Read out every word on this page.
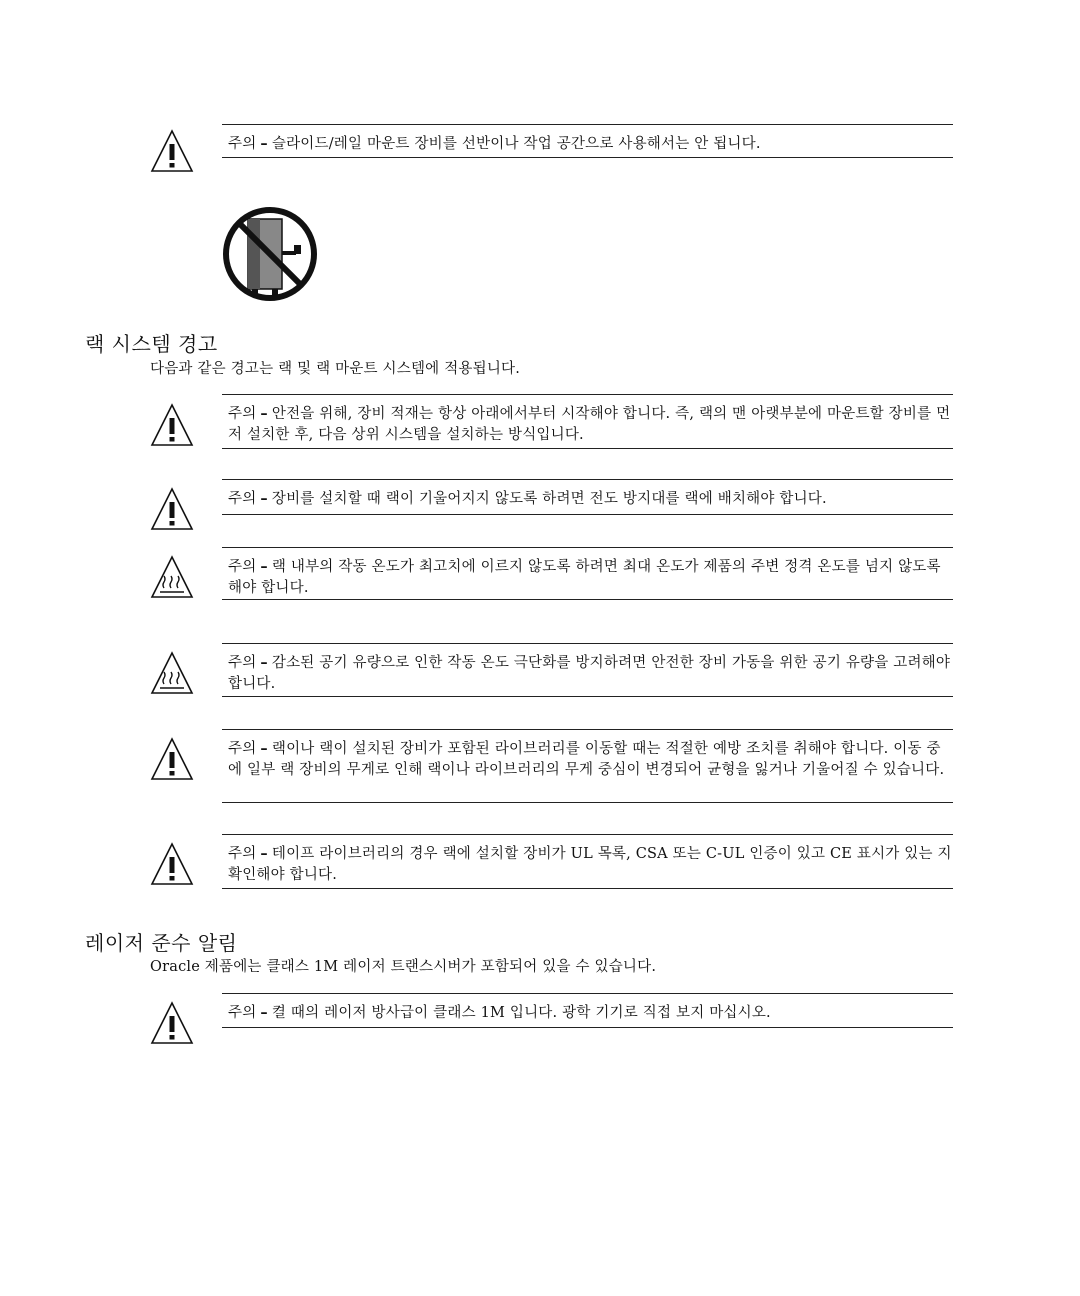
주의 – 슬라이드/레일 마운트 장비를 선반이나 작업 공간으로 사용해서는 안 됩니다.

랙 시스템 경고

다음과 같은 경고는 랙 및 랙 마운트 시스템에 적용됩니다.

주의 – 안전을 위해, 장비 적재는 항상 아래에서부터 시작해야 합니다. 즉, 랙의 맨 아랫부분에 마운트할 장비를 먼저 설치한 후, 다음 상위 시스템을 설치하는 방식입니다.

주의 – 장비를 설치할 때 랙이 기울어지지 않도록 하려면 전도 방지대를 랙에 배치해야 합니다.

주의 – 랙 내부의 작동 온도가 최고치에 이르지 않도록 하려면 최대 온도가 제품의 주변 정격 온도를 넘지 않도록 해야 합니다.

주의 – 감소된 공기 유량으로 인한 작동 온도 극단화를 방지하려면 안전한 장비 가동을 위한 공기 유량을 고려해야 합니다.

주의 – 랙이나 랙이 설치된 장비가 포함된 라이브러리를 이동할 때는 적절한 예방 조치를 취해야 합니다. 이동 중에 일부 랙 장비의 무게로 인해 랙이나 라이브러리의 무게 중심이 변경되어 균형을 잃거나 기울어질 수 있습니다.

주의 – 테이프 라이브러리의 경우 랙에 설치할 장비가 UL 목록, CSA 또는 C-UL 인증이 있고 CE 표시가 있는 지 확인해야 합니다.

레이저 준수 알림

Oracle 제품에는 클래스 1M 레이저 트랜스시버가 포함되어 있을 수 있습니다.

주의 – 켤 때의 레이저 방사급이 클래스 1M 입니다. 광학 기기로 직접 보지 마십시오.
